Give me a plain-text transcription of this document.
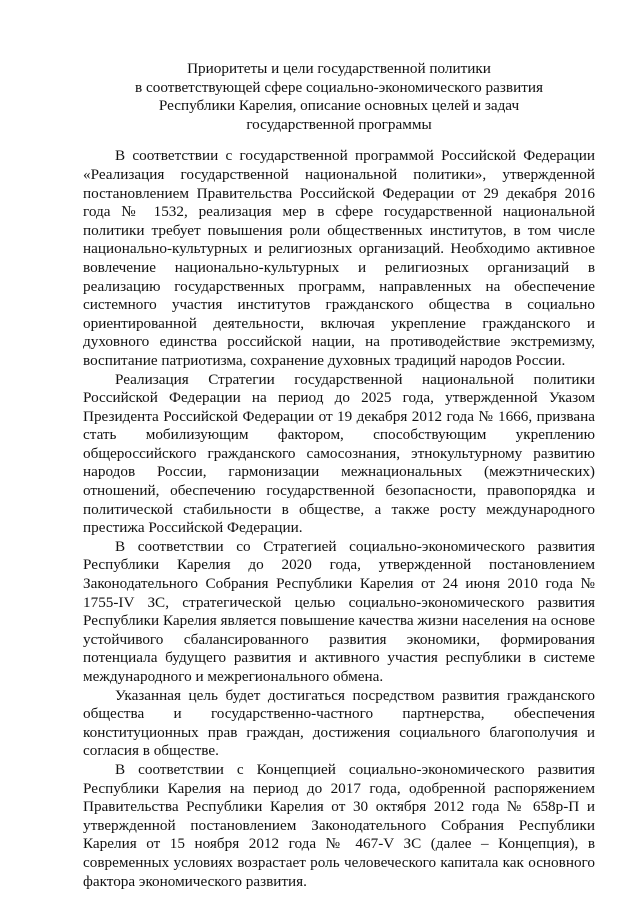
Приоритеты и цели государственной политики
в соответствующей сфере социально-экономического развития
Республики Карелия, описание основных целей и задач
государственной программы

В соответствии с государственной программой Российской Федерации «Реализация государственной национальной политики», утвержденной постановлением Правительства Российской Федерации от 29 декабря 2016 года № 1532, реализация мер в сфере государственной национальной политики требует повышения роли общественных институтов, в том числе национально-культурных и религиозных организаций. Необходимо активное вовлечение национально-культурных и религиозных организаций в реализацию государственных программ, направленных на обеспечение системного участия институтов гражданского общества в социально ориентированной деятельности, включая укрепление гражданского и духовного единства российской нации, на противодействие экстремизму, воспитание патриотизма, сохранение духовных традиций народов России.

Реализация Стратегии государственной национальной политики Российской Федерации на период до 2025 года, утвержденной Указом Президента Российской Федерации от 19 декабря 2012 года № 1666, призвана стать мобилизующим фактором, способствующим укреплению общероссийского гражданского самосознания, этнокультурному развитию народов России, гармонизации межнациональных (межэтнических) отношений, обеспечению государственной безопасности, правопорядка и политической стабильности в обществе, а также росту международного престижа Российской Федерации.

В соответствии со Стратегией социально-экономического развития Республики Карелия до 2020 года, утвержденной постановлением Законодательного Собрания Республики Карелия от 24 июня 2010 года № 1755-IV ЗС, стратегической целью социально-экономического развития Республики Карелия является повышение качества жизни населения на основе устойчивого сбалансированного развития экономики, формирования потенциала будущего развития и активного участия республики в системе международного и межрегионального обмена.

Указанная цель будет достигаться посредством развития гражданского общества и государственно-частного партнерства, обеспечения конституционных прав граждан, достижения социального благополучия и согласия в обществе.

В соответствии с Концепцией социально-экономического развития Республики Карелия на период до 2017 года, одобренной распоряжением Правительства Республики Карелия от 30 октября 2012 года № 658р-П и утвержденной постановлением Законодательного Собрания Республики Карелия от 15 ноября 2012 года № 467-V ЗС (далее – Концепция), в современных условиях возрастает роль человеческого капитала как основного фактора экономического развития.
